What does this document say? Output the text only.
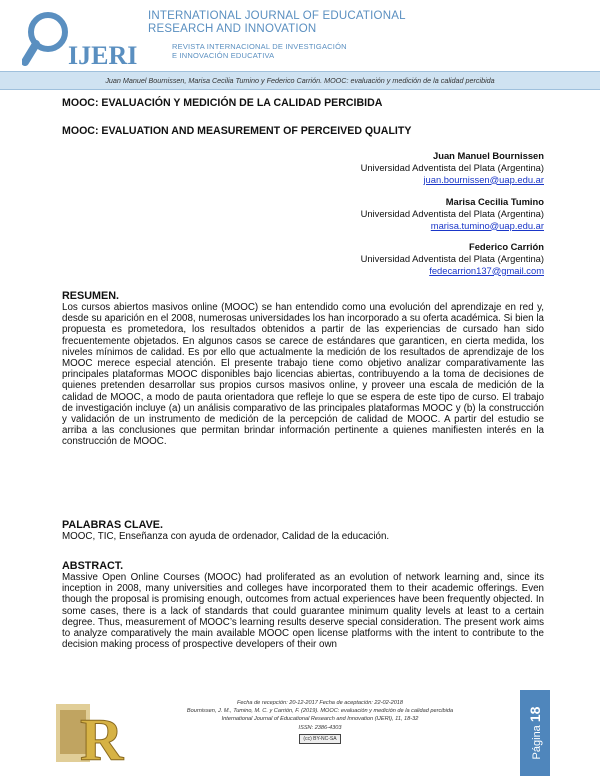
IJERI
INTERNATIONAL JOURNAL OF EDUCATIONAL
RESEARCH AND INNOVATION
REVISTA INTERNACIONAL DE INVESTIGACIÓN
E INNOVACIÓN EDUCATIVA
Juan Manuel Bournissen, Marisa Cecilia Tumino y Federico Carrión. MOOC: evaluación y medición de la calidad percibida
MOOC: EVALUACIÓN Y MEDICIÓN DE LA CALIDAD PERCIBIDA
MOOC: EVALUATION AND MEASUREMENT OF PERCEIVED QUALITY
Juan Manuel Bournissen
Universidad Adventista del Plata (Argentina)
juan.bournissen@uap.edu.ar
Marisa Cecilia Tumino
Universidad Adventista del Plata (Argentina)
marisa.tumino@uap.edu.ar
Federico Carrión
Universidad Adventista del Plata (Argentina)
fedecarrion137@gmail.com
RESUMEN.
Los cursos abiertos masivos online (MOOC) se han entendido como una evolución del aprendizaje en red y, desde su aparición en el 2008, numerosas universidades los han incorporado a su oferta académica. Si bien la propuesta es prometedora, los resultados obtenidos a partir de las experiencias de cursado han sido frecuentemente objetados. En algunos casos se carece de estándares que garanticen, en cierta medida, los niveles mínimos de calidad. Es por ello que actualmente la medición de los resultados de aprendizaje de los MOOC merece especial atención. El presente trabajo tiene como objetivo analizar comparativamente las principales plataformas MOOC disponibles bajo licencias abiertas, contribuyendo a la toma de decisiones de quienes pretenden desarrollar sus propios cursos masivos online, y proveer una escala de medición de la calidad de MOOC, a modo de pauta orientadora que refleje lo que se espera de este tipo de curso. El trabajo de investigación incluye (a) un análisis comparativo de las principales plataformas MOOC y (b) la construcción y validación de un instrumento de medición de la percepción de calidad de MOOC. A partir del estudio se arriba a las conclusiones que permitan brindar información pertinente a quienes manifiesten interés en la construcción de MOOC.
PALABRAS CLAVE.
MOOC, TIC, Enseñanza con ayuda de ordenador, Calidad de la educación.
ABSTRACT.
Massive Open Online Courses (MOOC) had proliferated as an evolution of network learning and, since its inception in 2008, many universities and colleges have incorporated them to their academic offerings. Even though the proposal is promising enough, outcomes from actual experiences have been frequently objected. In some cases, there is a lack of standards that could guarantee minimum quality levels at least to a certain degree. Thus, measurement of MOOC’s learning results deserve special consideration. The present work aims to analyze comparatively the main available MOOC open license platforms with the intent to contribute to the decision making process of prospective developers of their own
R
Fecha de recepción: 20-12-2017 Fecha de aceptación: 22-02-2018
Bournissen, J. M., Tumino, M. C. y Carrión, F. (2019). MOOC: evaluación y medición de la calidad percibida
International Journal of Educational Research and Innovation (IJERI), 11, 18-32
ISSN: 2386-4303
(cc) BY-NC-SA	Página 18
